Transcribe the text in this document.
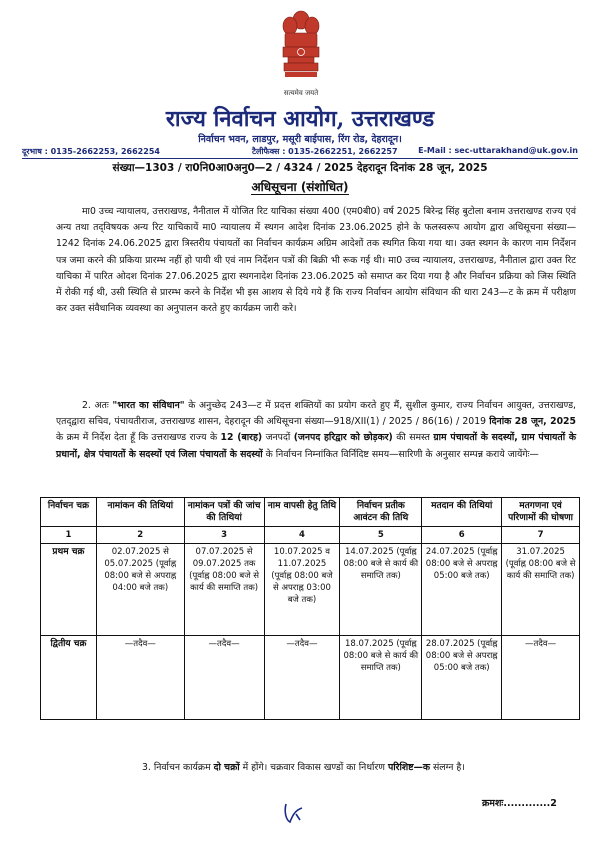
सत्यमेव जयते
राज्य निर्वाचन आयोग, उत्तराखण्ड
निर्वाचन भवन, लाडपुर, मसूरी बाईपास, रिंग रोड, देहरादून।
दूरभाष : 0135-2662253, 2662254	टैलीफैक्स : 0135-2662251, 2662257	E-Mail : sec-uttarakhand@uk.gov.in
संख्या—1303 / रा0नि0आ0अनु0—2 / 4324 / 2025 देहरादून दिनांक 28 जून, 2025
अधिसूचना (संशोधित)

मा0 उच्च न्यायालय, उत्तराखण्ड, नैनीताल में योजित रिट याचिका संख्या 400 (एम0बी0) वर्ष 2025 बिरेन्द्र सिंह बुटोला बनाम उत्तराखण्ड राज्य एवं अन्य तथा तद्‌विषयक अन्य रिट याचिकायें मा0 न्यायालय में स्थगन आदेश दिनांक 23.06.2025 होने के फलस्वरूप आयोग द्वारा अधिसूचना संख्या—1242 दिनांक 24.06.2025 द्वारा त्रिस्तरीय पंचायतों का निर्वाचन कार्यक्रम अग्रिम आदेशों तक स्थगित किया गया था। उक्त स्थगन के कारण नाम निर्देशन पत्र जमा करने की प्रकिया प्रारम्भ नहीं हो पायी थी एवं नाम निर्देशन पत्रों की बिक्री भी रूक गई थी। मा0 उच्च न्यायालय, उत्तराखण्ड, नैनीताल द्वारा उक्त रिट याचिका में पारित ओदश दिनांक 27.06.2025 द्वारा स्थगनादेश दिनांक 23.06.2025 को समाप्त कर दिया गया है और निर्वाचन प्रक्रिया को जिस स्थिति में रोकी गई थी, उसी स्थिति से प्रारम्भ करने के निर्देश भी इस आशय से दिये गये हैं कि राज्य निर्वाचन आयोग संविधान की धारा 243—ट के क्रम में परीक्षण कर उक्त संवैधानिक व्यवस्था का अनुपालन करते हुए कार्यक्रम जारी करे।

2. अतः "भारत का संविधान" के अनुच्छेद 243—ट में प्रदत्त शक्तियों का प्रयोग करते हुए मैं, सुशील कुमार, राज्य निर्वाचन आयुक्त, उत्तराखण्ड, एतद्‌द्वारा सचिव, पंचायतीराज, उत्तराखण्ड शासन, देहरादून की अधिसूचना संख्या—918/XII(1) / 2025 / 86(16) / 2019 दिनांक 28 जून, 2025 के क्रम में निर्देश देता हूँ कि उत्तराखण्ड राज्य के 12 (बारह) जनपदों (जनपद हरिद्वार को छोड़कर) की समस्त ग्राम पंचायतों के सदस्यों, ग्राम पंचायतों के प्रधानों, क्षेत्र पंचायतों के सदस्यों एवं जिला पंचायतों के सदस्यों के निर्वाचन निम्नांकित विर्निदिष्ट समय—सारिणी के अनुसार सम्पन्न कराये जायेंगेः—

निर्वाचन चक्र	नामांकन की तिथियां	नामांकन पत्रों की जांच की तिथियां	नाम वापसी हेतु तिथि	निर्वाचन प्रतीक आवंटन की तिथि	मतदान की तिथियां	मतगणना एवं परिणामों की घोषणा
1	2	3	4	5	6	7
प्रथम चक्र	02.07.2025 से 05.07.2025 (पूर्वाह्न 08:00 बजे से अपराह्न 04:00 बजे तक)	07.07.2025 से 09.07.2025 तक (पूर्वाह्न 08:00 बजे से कार्य की समाप्ति तक)	10.07.2025 व 11.07.2025 (पूर्वाह्न 08:00 बजे से अपराह्न 03:00 बजे तक)	14.07.2025 (पूर्वाह्न 08:00 बजे से कार्य की समाप्ति तक)	24.07.2025 (पूर्वाह्न 08:00 बजे से अपराह्न 05:00 बजे तक)	31.07.2025 (पूर्वाह्न 08:00 बजे से कार्य की समाप्ति तक)
द्वितीय चक्र	—तदैव—	—तदैव—	—तदैव—	18.07.2025 (पूर्वाह्न 08:00 बजे से कार्य की समाप्ति तक)	28.07.2025 (पूर्वाह्न 08:00 बजे से अपराह्न 05:00 बजे तक)	—तदैव—

3. निर्वाचन कार्यक्रम दो चक्रों में होंगे। चक्रवार विकास खण्डों का निर्धारण परिशिष्ट—क संलग्न है।

क्रमशः.............2
